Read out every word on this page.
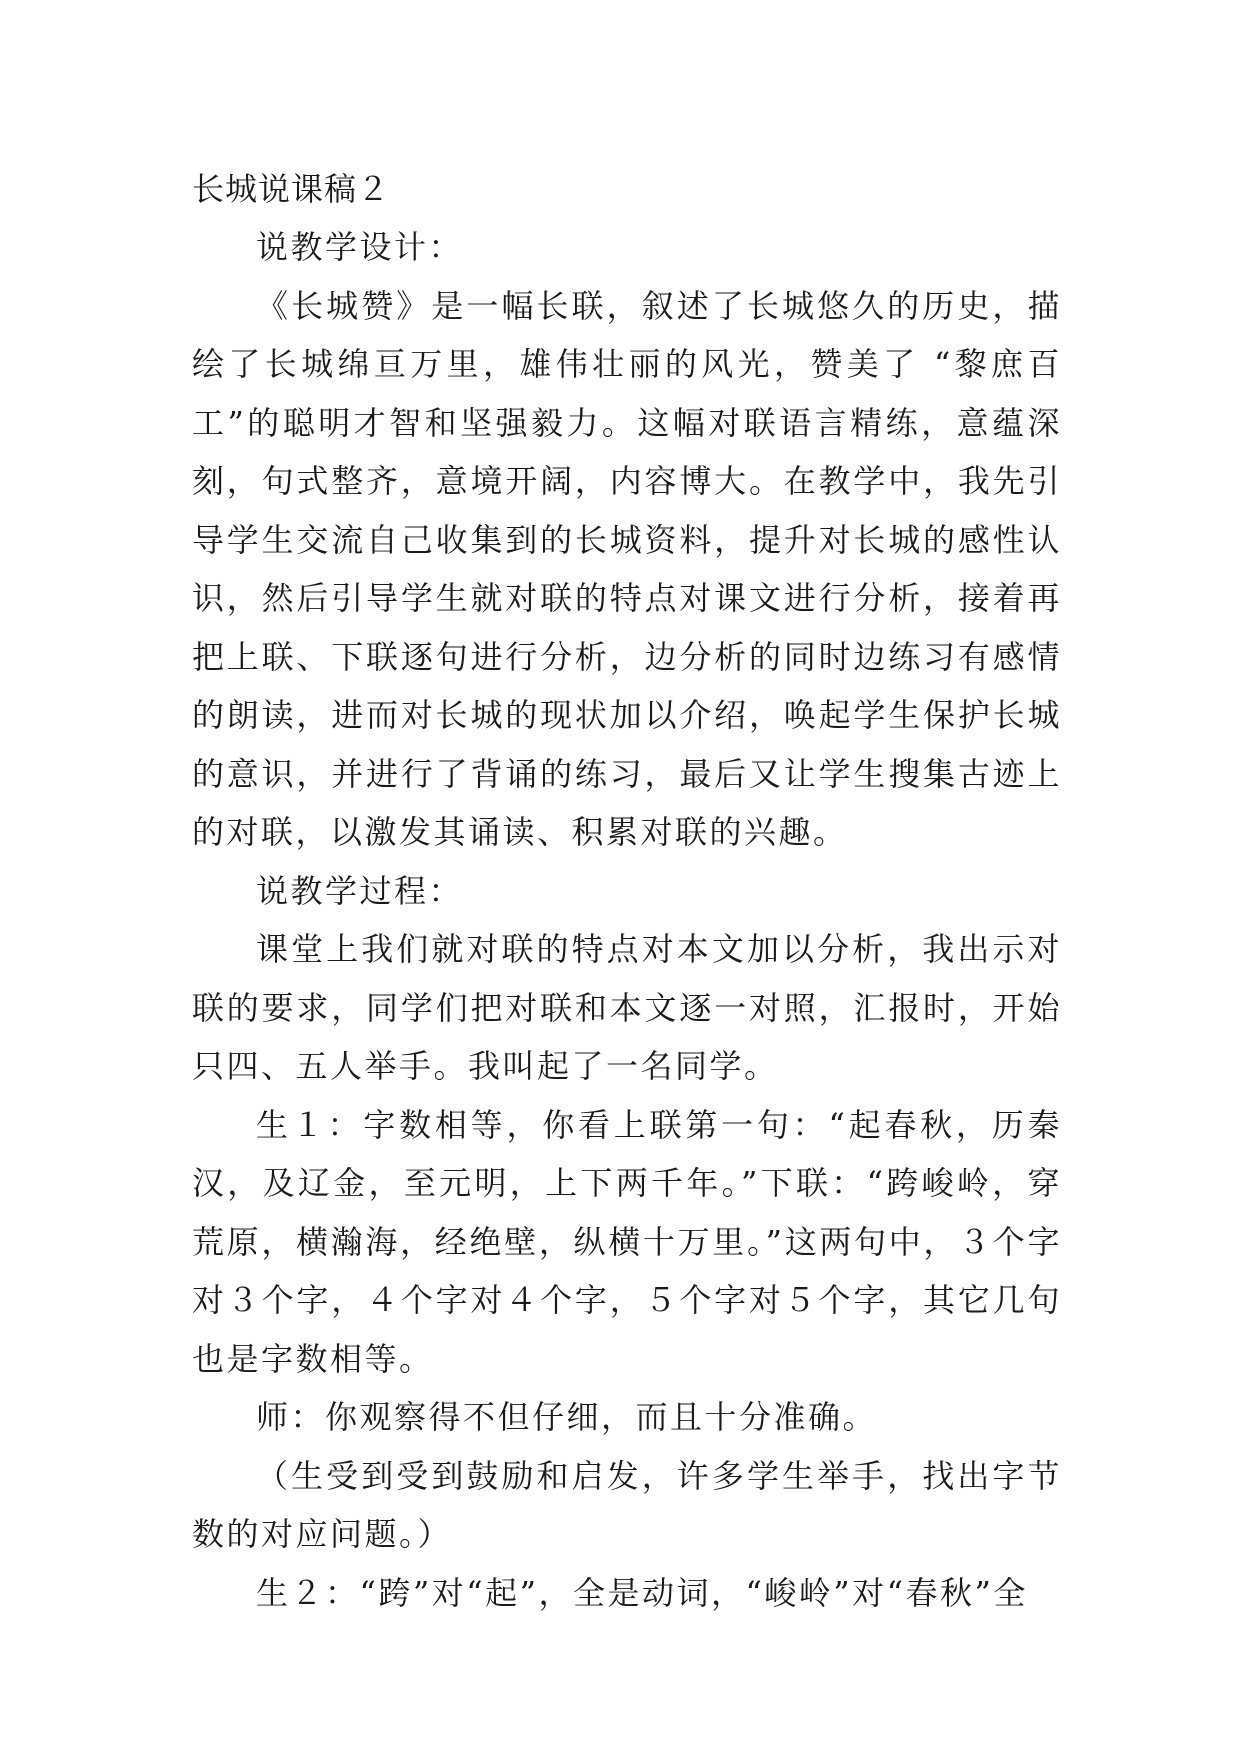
长城说课稿２

说教学设计：

《长城赞》是一幅长联，叙述了长城悠久的历史，描绘了长城绵亘万里，雄伟壮丽的风光，赞美了 “黎庶百工”的聪明才智和坚强毅力。这幅对联语言精练，意蕴深刻，句式整齐，意境开阔，内容博大。在教学中，我先引导学生交流自己收集到的长城资料，提升对长城的感性认识，然后引导学生就对联的特点对课文进行分析，接着再把上联、下联逐句进行分析，边分析的同时边练习有感情的朗读，进而对长城的现状加以介绍，唤起学生保护长城的意识，并进行了背诵的练习，最后又让学生搜集古迹上的对联，以激发其诵读、积累对联的兴趣。

说教学过程：

课堂上我们就对联的特点对本文加以分析，我出示对联的要求，同学们把对联和本文逐一对照，汇报时，开始只四、五人举手。我叫起了一名同学。

生１：字数相等，你看上联第一句：“起春秋，历秦汉，及辽金，至元明，上下两千年。”下联：“跨峻岭，穿荒原，横瀚海，经绝壁，纵横十万里。”这两句中，３个字对３个字，４个字对４个字，５个字对５个字，其它几句也是字数相等。

师：你观察得不但仔细，而且十分准确。

（生受到受到鼓励和启发，许多学生举手，找出字节数的对应问题。）

生２：“跨”对“起”，全是动词，“峻岭”对“春秋”全
